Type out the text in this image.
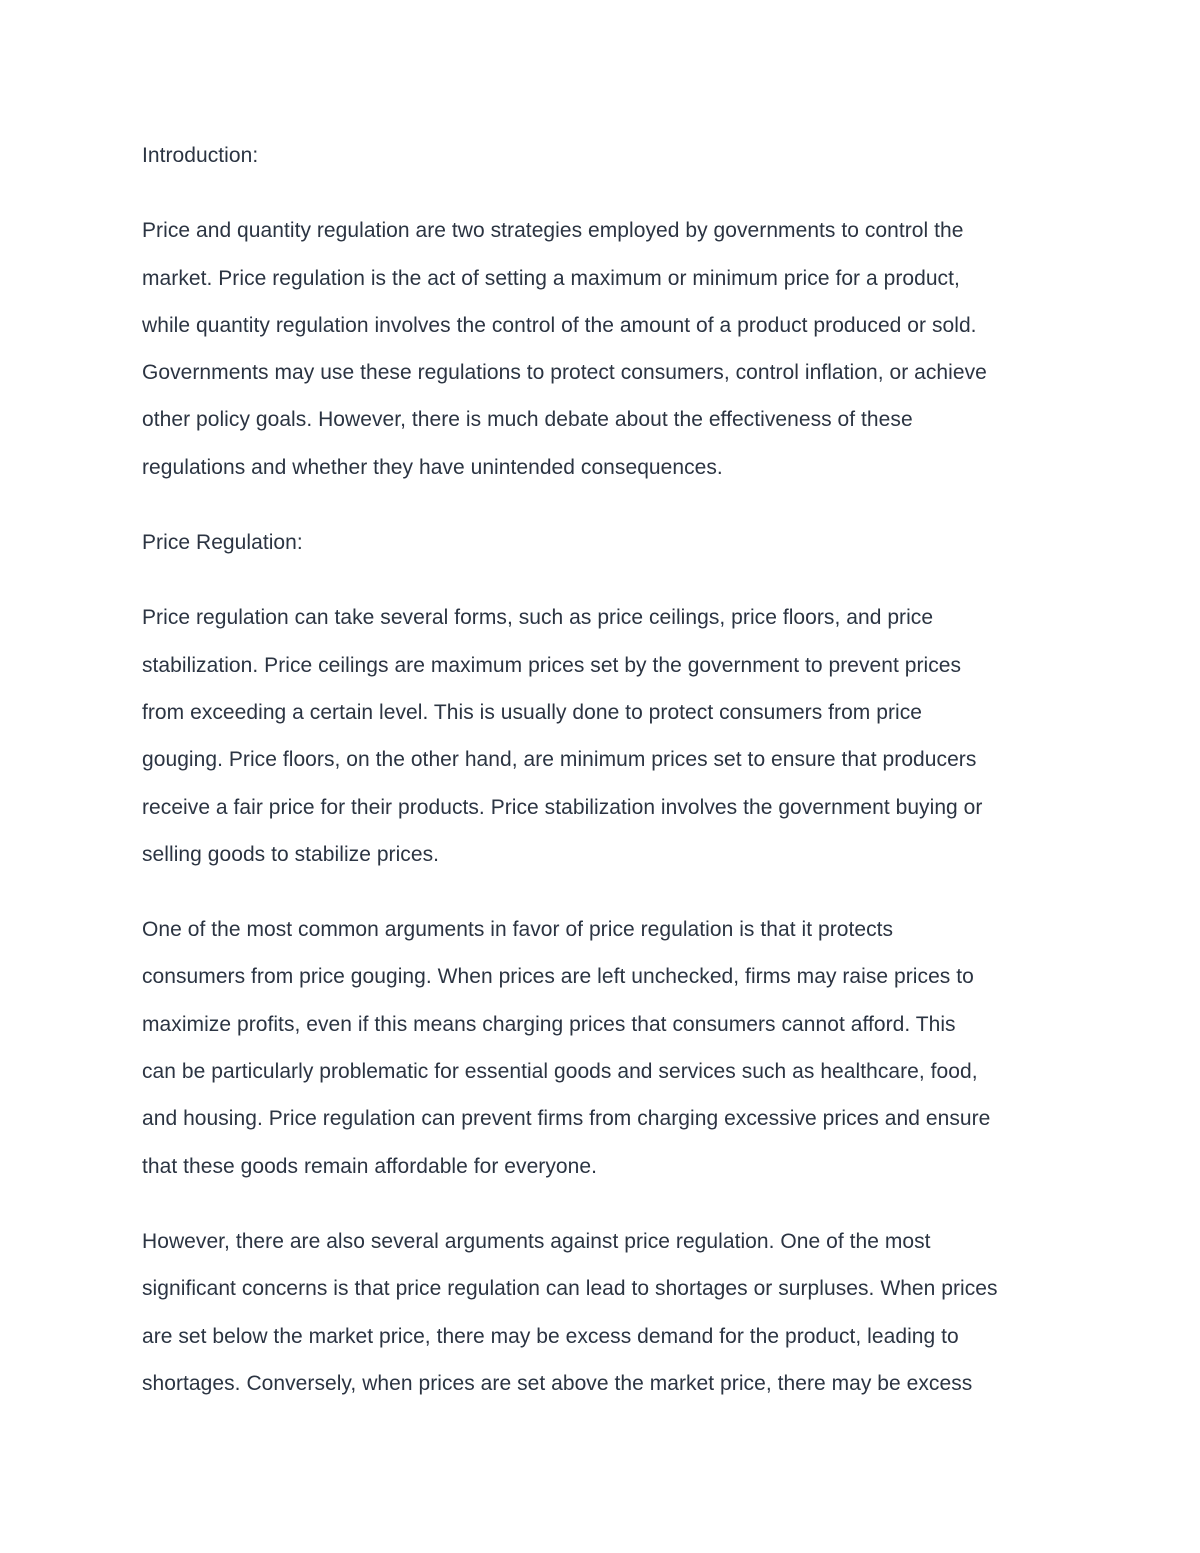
Introduction:

Price and quantity regulation are two strategies employed by governments to control the
market. Price regulation is the act of setting a maximum or minimum price for a product,
while quantity regulation involves the control of the amount of a product produced or sold.
Governments may use these regulations to protect consumers, control inflation, or achieve
other policy goals. However, there is much debate about the effectiveness of these
regulations and whether they have unintended consequences.

Price Regulation:

Price regulation can take several forms, such as price ceilings, price floors, and price
stabilization. Price ceilings are maximum prices set by the government to prevent prices
from exceeding a certain level. This is usually done to protect consumers from price
gouging. Price floors, on the other hand, are minimum prices set to ensure that producers
receive a fair price for their products. Price stabilization involves the government buying or
selling goods to stabilize prices.

One of the most common arguments in favor of price regulation is that it protects
consumers from price gouging. When prices are left unchecked, firms may raise prices to
maximize profits, even if this means charging prices that consumers cannot afford. This
can be particularly problematic for essential goods and services such as healthcare, food,
and housing. Price regulation can prevent firms from charging excessive prices and ensure
that these goods remain affordable for everyone.

However, there are also several arguments against price regulation. One of the most
significant concerns is that price regulation can lead to shortages or surpluses. When prices
are set below the market price, there may be excess demand for the product, leading to
shortages. Conversely, when prices are set above the market price, there may be excess
